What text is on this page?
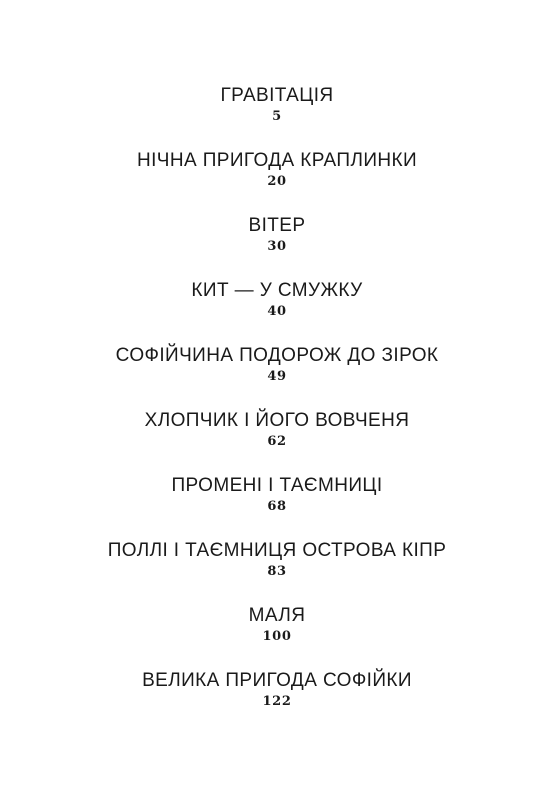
ГРАВІТАЦІЯ
5
НІЧНА ПРИГОДА КРАПЛИНКИ
20
ВІТЕР
30
КИТ — У СМУЖКУ
40
СОФІЙЧИНА ПОДОРОЖ ДО ЗІРОК
49
ХЛОПЧИК І ЙОГО ВОВЧЕНЯ
62
ПРОМЕНІ І ТАЄМНИЦІ
68
ПОЛЛІ І ТАЄМНИЦЯ ОСТРОВА КІПР
83
МАЛЯ
100
ВЕЛИКА ПРИГОДА СОФІЙКИ
122
